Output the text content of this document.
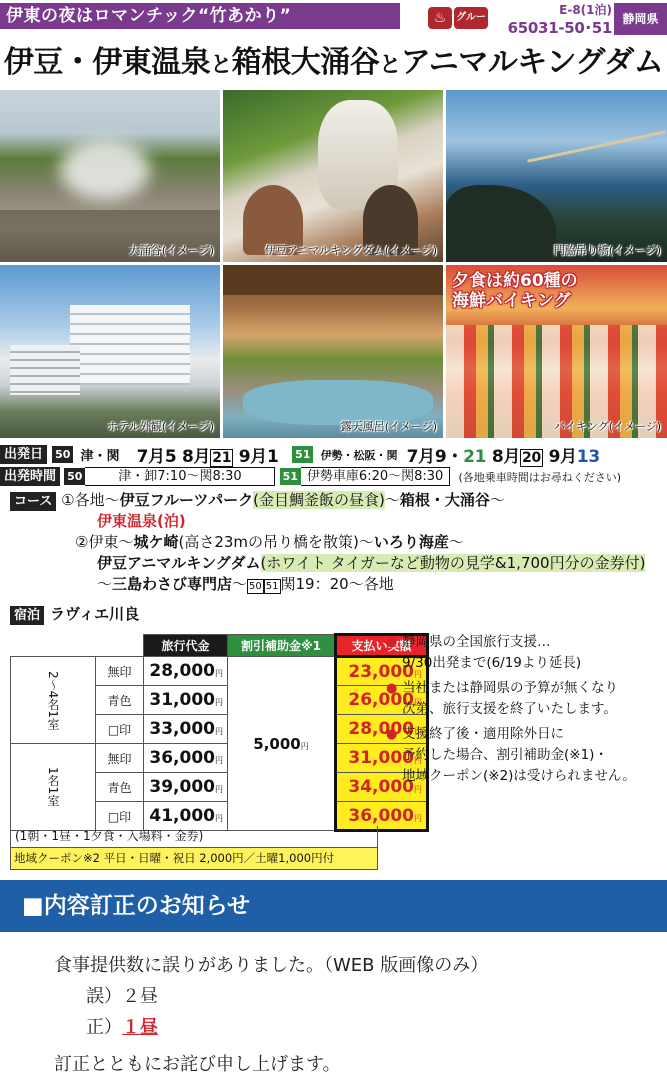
伊東の夜はロマンチック“竹あかり”	♨ グループ
E-8(1泊)
65031-50･51 静岡県
伊豆・伊東温泉と箱根大涌谷とアニマルキングダム
大涌谷(イメージ)	伊豆アニマルキングダム(イメージ)	門脇吊り橋(イメージ)
ホテル外観(イメージ)	露天風呂(イメージ)
夕食は約60種の
海鮮バイキング
バイキング(イメージ)
出発日 50 津・関 7月5 8月 21 9月1 51 伊勢・松阪・関 7月9・21 8月 20 9月13
出発時間 50	津・卸7:10～関8:30	51 伊勢車庫6:20～関8:30 (各地乗車時間はお尋ねください)
コース ①各地～伊豆フルーツパーク(金目鯛釜飯の昼食)～箱根・大涌谷～
伊東温泉(泊)
②伊東～城ケ崎(高さ23mの吊り橋を散策)～いろり海産～
伊豆アニマルキングダム(ホワイト タイガーなど動物の見学&1,700円分の金券付)
～三島わさび専門店～ 50 51 関19：20～各地
宿泊 ラヴィエ川良
		旅行代金	割引補助金※1	支払い実額
2～4名1室	無印	28,000円	5,000円	23,000円
	青色	31,000円		26,000円
	□印	33,000円		28,000円
1名1室	無印	36,000円		31,000円
	青色	39,000円		34,000円
	□印	41,000円		36,000円
(1朝・1昼・1夕食・入場料・金券)
地域クーポン※2 平日・日曜・祝日 2,000円／土曜1,000円付

● 静岡県の全国旅行支援…
9/30出発まで(6/19より延長)

● 当社または静岡県の予算が無くなり
次第、旅行支援を終了いたします。

● 支援終了後・適用除外日に
予約した場合、割引補助金(※1)・
地域クーポン(※2)は受けられません。

■内容訂正のお知らせ
食事提供数に誤りがありました。（WEB 版画像のみ）
誤）２昼
正）１昼
訂正とともにお詫び申し上げます。
